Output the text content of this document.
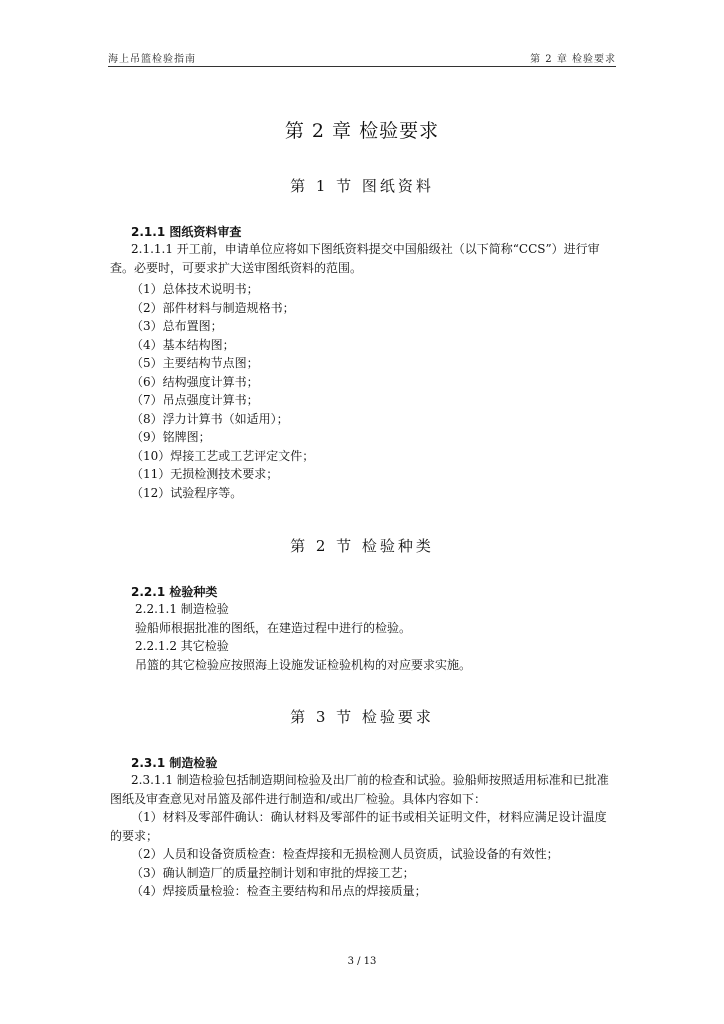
海上吊篮检验指南	第 2 章 检验要求
第 2 章 检验要求
第 1 节 图纸资料
2.1.1 图纸资料审查
2.1.1.1 开工前，申请单位应将如下图纸资料提交中国船级社（以下简称“CCS”）进行审查。必要时，可要求扩大送审图纸资料的范围。
（1）总体技术说明书；
（2）部件材料与制造规格书；
（3）总布置图；
（4）基本结构图；
（5）主要结构节点图；
（6）结构强度计算书；
（7）吊点强度计算书；
（8）浮力计算书（如适用）；
（9）铭牌图；
（10）焊接工艺或工艺评定文件；
（11）无损检测技术要求；
（12）试验程序等。
第 2 节 检验种类
2.2.1 检验种类
2.2.1.1 制造检验
验船师根据批准的图纸，在建造过程中进行的检验。
2.2.1.2 其它检验
吊篮的其它检验应按照海上设施发证检验机构的对应要求实施。
第 3 节 检验要求
2.3.1 制造检验
2.3.1.1 制造检验包括制造期间检验及出厂前的检查和试验。验船师按照适用标准和已批准图纸及审查意见对吊篮及部件进行制造和/或出厂检验。具体内容如下：
（1）材料及零部件确认：确认材料及零部件的证书或相关证明文件，材料应满足设计温度的要求；
（2）人员和设备资质检查：检查焊接和无损检测人员资质，试验设备的有效性；
（3）确认制造厂的质量控制计划和审批的焊接工艺；
（4）焊接质量检验：检查主要结构和吊点的焊接质量；
3 / 13
